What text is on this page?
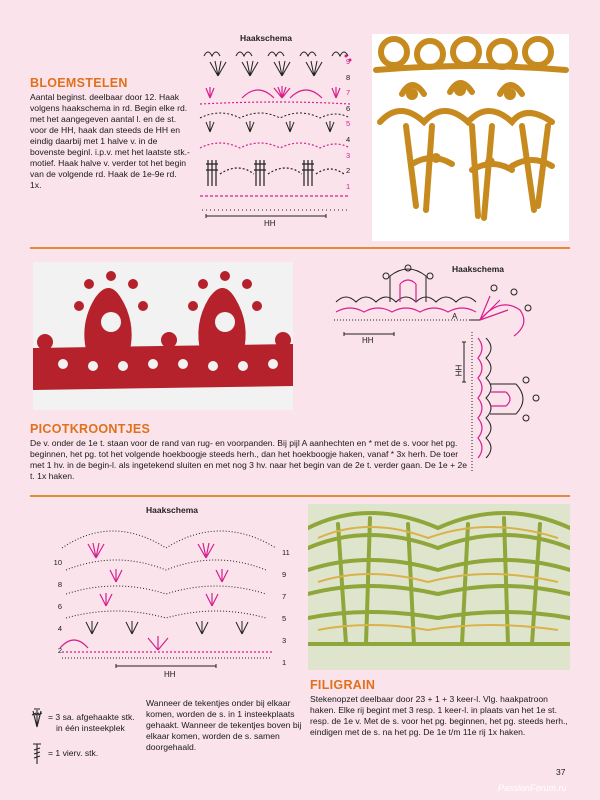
BLOEMSTELEN
Aantal beginst. deelbaar door 12. Haak volgens haakschema in rd. Begin elke rd. met het aangegeven aantal l. en de st. voor de HH, haak dan steeds de HH en eindig daarbij met 1 halve v. in de bovenste beginl. i.p.v. met het laatste stk.-motief. Haak halve v. verder tot het begin van de volgende rd. Haak de 1e-9e rd. 1x.
Haakschema
HH
9
8
7
6
5
4
3
2
1
Haakschema
A
HH
HH
PICOTKROONTJES
De v. onder de 1e t. staan voor de rand van rug- en voorpanden. Bij pijl A aanhechten en * met de s. voor het pg. beginnen, het pg. tot het volgende hoekboogje steeds herh., dan het hoekboogje haken, vanaf * 3x herh. De toer met 1 hv. in de begin-l. als ingetekend sluiten en met nog 3 hv. naar het begin van de 2e t. verder gaan. De 1e + 2e t. 1x haken.
Haakschema
HH
10
8
6
4
2
11
9
7
5
3
1
FILIGRAIN
Stekenopzet deelbaar door 23 + 1 + 3 keer-l. Vlg. haakpatroon haken. Elke rij begint met 3 resp. 1 keer-l. in plaats van het 1e st. resp. de 1e v. Met de s. voor het pg. beginnen, het pg. steeds herh., eindigen met de s. na het pg. De 1e t/m 11e rij 1x haken.
= 3 sa. afgehaakte stk.
in één insteekplek
= 1 vierv. stk.
Wanneer de tekentjes onder bij elkaar komen, worden de s. in 1 insteekplaats gehaakt. Wanneer de tekentjes boven bij elkaar komen, worden de s. samen doorgehaald.
37
PassionForum.ru
